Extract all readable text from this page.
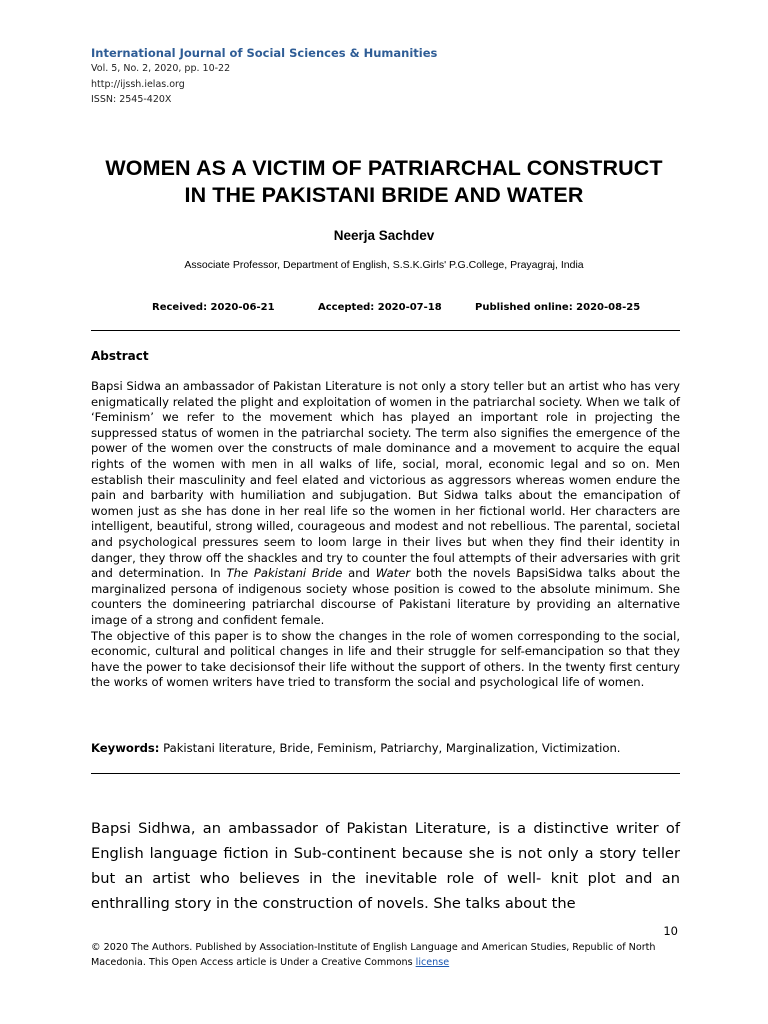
International Journal of Social Sciences & Humanities
Vol. 5, No. 2, 2020, pp. 10-22
http://ijssh.ielas.org
ISSN: 2545-420X
WOMEN AS A VICTIM OF PATRIARCHAL CONSTRUCT
IN THE PAKISTANI BRIDE AND WATER
Neerja Sachdev
Associate Professor, Department of English, S.S.K.Girls' P.G.College, Prayagraj, India
Received: 2020-06-21	Accepted: 2020-07-18	Published online: 2020-08-25
Abstract

Bapsi Sidwa an ambassador of Pakistan Literature is not only a story teller but an artist who has very enigmatically related the plight and exploitation of women in the patriarchal society. When we talk of ‘Feminism’ we refer to the movement which has played an important role in projecting the suppressed status of women in the patriarchal society. The term also signifies the emergence of the power of the women over the constructs of male dominance and a movement to acquire the equal rights of the women with men in all walks of life, social, moral, economic legal and so on. Men establish their masculinity and feel elated and victorious as aggressors whereas women endure the pain and barbarity with humiliation and subjugation. But Sidwa talks about the emancipation of women just as she has done in her real life so the women in her fictional world. Her characters are intelligent, beautiful, strong willed, courageous and modest and not rebellious. The parental, societal and psychological pressures seem to loom large in their lives but when they find their identity in danger, they throw off the shackles and try to counter the foul attempts of their adversaries with grit and determination. In The Pakistani Bride and Water both the novels BapsiSidwa talks about the marginalized persona of indigenous society whose position is cowed to the absolute minimum. She counters the domineering patriarchal discourse of Pakistani literature by providing an alternative image of a strong and confident female.

The objective of this paper is to show the changes in the role of women corresponding to the social, economic, cultural and political changes in life and their struggle for self-emancipation so that they have the power to take decisionsof their life without the support of others. In the twenty first century the works of women writers have tried to transform the social and psychological life of women.

Keywords: Pakistani literature, Bride, Feminism, Patriarchy, Marginalization, Victimization.
Bapsi Sidhwa, an ambassador of Pakistan Literature, is a distinctive writer of English language fiction in Sub-continent because she is not only a story teller but an artist who believes in the inevitable role of well- knit plot and an enthralling story in the construction of novels. She talks about the
10
© 2020 The Authors. Published by Association-Institute of English Language and American Studies, Republic of North Macedonia. This Open Access article is Under a Creative Commons license
